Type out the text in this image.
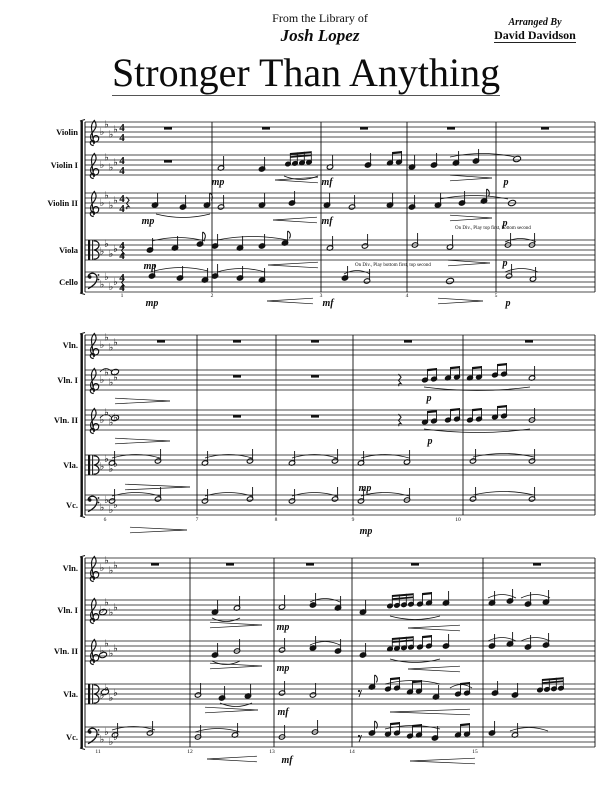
From the Library of
Josh Lopez
Arranged By
David Davidson
Stronger Than Anything
1	2	3	4	5
Violin ♭
♭
♭ ♭ 4
4
Violin I ♭
♭
♭ ♭ 4
4
mp	mf	p
Violin II ♭
♭
♭ ♭ 4
4
mp	mf	p
Viola ♭
♭
♭ ♭ 4
4
mp	p
On Div., Play top first, bottom second
Cello ♭
♭
♭ ♭ 4
4
mp	mf	p
On Div., Play bottom first, top second
6	7	8	9	10
Vln. ♭
♭
♭ ♭
Vln. I ♭
♭
♭ ♭
p
Vln. II ♭
♭
♭ ♭
p
Vla. ♭
♭
♭ ♭
mp
Vc. ♭
♭
♭ ♭
mp
11	12	13	14	15
Vln. ♭
♭
♭ ♭
Vln. I ♭
♭
♭ ♭
mp
Vln. II ♭
♭
♭ ♭
mp
Vla. ♭
♭
♭ ♭
mf
Vc. ♭
♭
♭ ♭
mf
